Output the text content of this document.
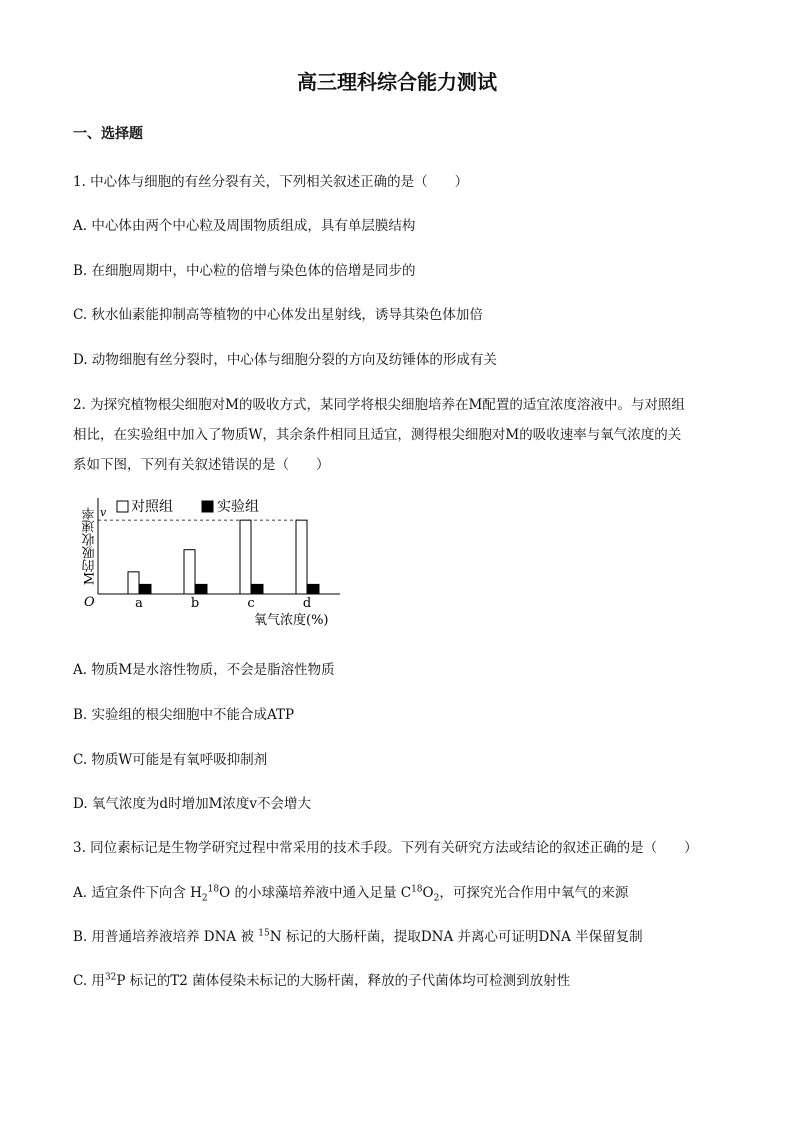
高三理科综合能力测试
一、选择题
1. 中心体与细胞的有丝分裂有关，下列相关叙述正确的是（　　）
A. 中心体由两个中心粒及周围物质组成，具有单层膜结构
B. 在细胞周期中，中心粒的倍增与染色体的倍增是同步的
C. 秋水仙素能抑制高等植物的中心体发出星射线，诱导其染色体加倍
D. 动物细胞有丝分裂时，中心体与细胞分裂的方向及纺锤体的形成有关
2. 为探究植物根尖细胞对M的吸收方式，某同学将根尖细胞培养在M配置的适宜浓度溶液中。与对照组
相比，在实验组中加入了物质W，其余条件相同且适宜，测得根尖细胞对M的吸收速率与氧气浓度的关
系如下图，下列有关叙述错误的是（　　）
v
O
M的吸收速率
氧气浓度(%)
对照组	实验组
a	b	c	d
A. 物质M是水溶性物质，不会是脂溶性物质
B. 实验组的根尖细胞中不能合成ATP
C. 物质W可能是有氧呼吸抑制剂
D. 氧气浓度为d时增加M浓度v不会增大
3. 同位素标记是生物学研究过程中常采用的技术手段。下列有关研究方法或结论的叙述正确的是（　　）
A. 适宜条件下向含 $H_2^{18}O$ 的小球藻培养液中通入足量 $C^{18}O_2$，可探究光合作用中氧气的来源
B. 用普通培养液培养 DNA 被 $^{15}$N 标记的大肠杆菌，提取DNA 并离心可证明DNA 半保留复制
C. 用$^{32}$P 标记的T2 菌体侵染未标记的大肠杆菌，释放的子代菌体均可检测到放射性
